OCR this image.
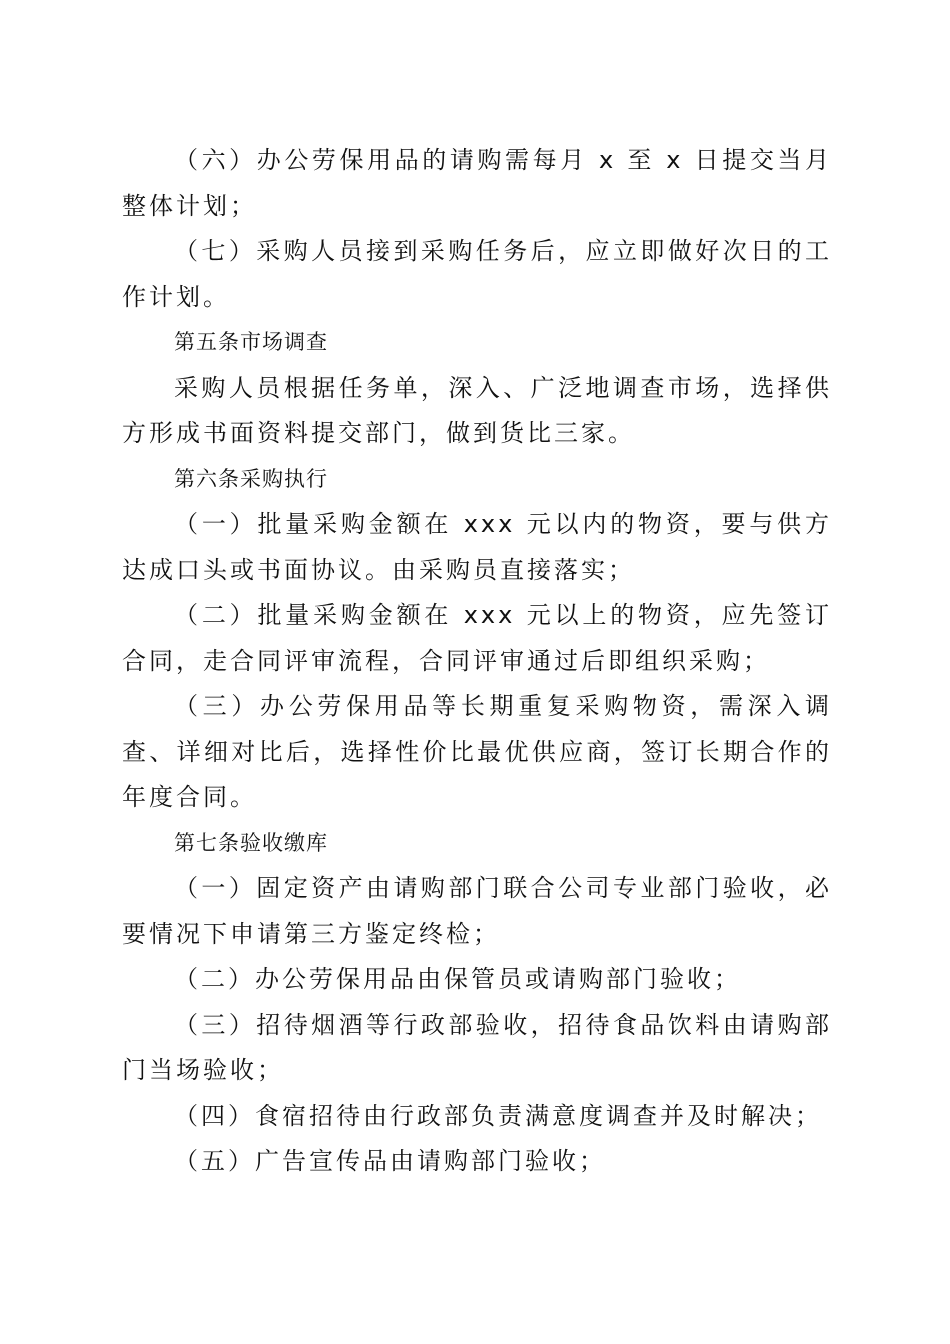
（六）办公劳保用品的请购需每月 x 至 x 日提交当月整体计划；

（七）采购人员接到采购任务后，应立即做好次日的工作计划。

第五条市场调查

采购人员根据任务单，深入、广泛地调查市场，选择供方形成书面资料提交部门，做到货比三家。

第六条采购执行

（一）批量采购金额在 xxx 元以内的物资，要与供方达成口头或书面协议。由采购员直接落实；

（二）批量采购金额在 xxx 元以上的物资，应先签订合同，走合同评审流程，合同评审通过后即组织采购；

（三）办公劳保用品等长期重复采购物资，需深入调查、详细对比后，选择性价比最优供应商，签订长期合作的年度合同。

第七条验收缴库

（一）固定资产由请购部门联合公司专业部门验收，必要情况下申请第三方鉴定终检；

（二）办公劳保用品由保管员或请购部门验收；

（三）招待烟酒等行政部验收，招待食品饮料由请购部门当场验收；

（四）食宿招待由行政部负责满意度调查并及时解决；

（五）广告宣传品由请购部门验收；
